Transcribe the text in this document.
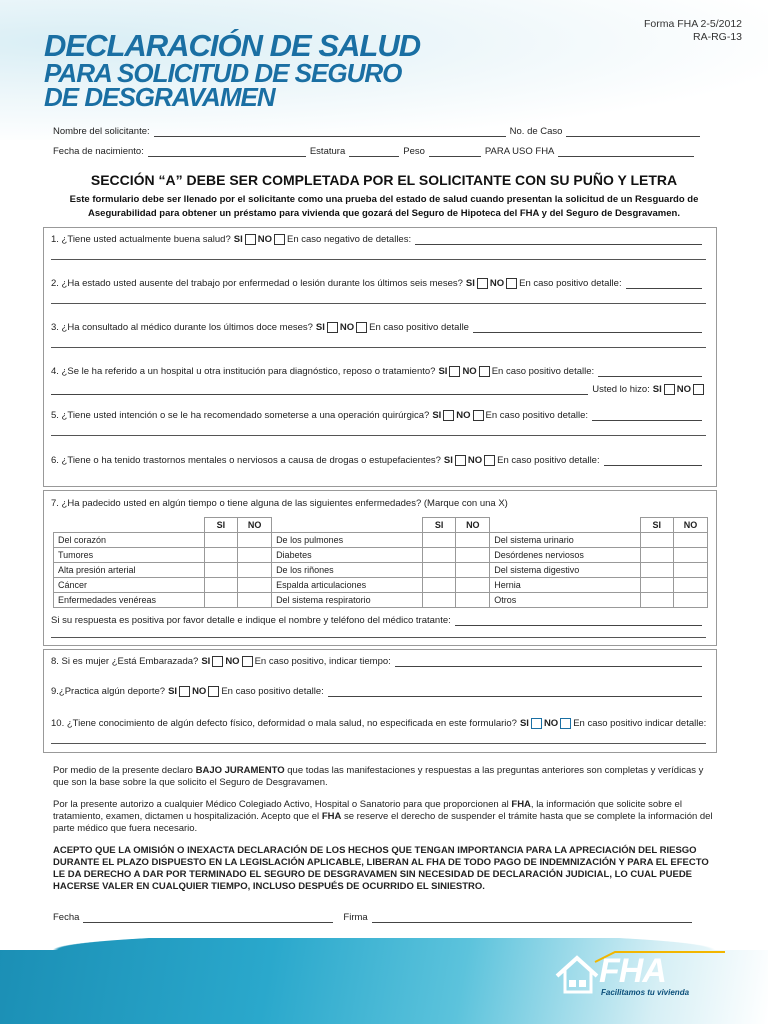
Forma FHA 2-5/2012
RA-RG-13
DECLARACIÓN DE SALUD
PARA SOLICITUD DE SEGURO
DE DESGRAVAMEN
Nombre del solicitante:	No. de Caso
Fecha de nacimiento:	Estatura	Peso	PARA USO FHA
SECCIÓN “A” DEBE SER COMPLETADA POR EL SOLICITANTE CON SU PUÑO Y LETRA
Este formulario debe ser llenado por el solicitante como una prueba del estado de salud cuando presentan la solicitud de un Resguardo de Asegurabilidad para obtener un préstamo para vivienda que gozará del Seguro de Hipoteca del FHA y del Seguro de Desgravamen.
1. ¿Tiene usted actualmente buena salud? SI NO En caso negativo de detalles:
2. ¿Ha estado usted ausente del trabajo por enfermedad o lesión durante los últimos seis meses? SI NO En caso positivo detalle:
3. ¿Ha consultado al médico durante los últimos doce meses? SI NO En caso positivo detalle
4. ¿Se le ha referido a un hospital u otra institución para diagnóstico, reposo o tratamiento? SI NO En caso positivo detalle:
Usted lo hizo: SI NO
5. ¿Tiene usted intención o se le ha recomendado someterse a una operación quirúrgica? SI NO En caso positivo detalle:
6. ¿Tiene o ha tenido trastornos mentales o nerviosos a causa de drogas o estupefacientes? SI NO En caso positivo detalle:
7. ¿Ha padecido usted en algún tiempo o tiene alguna de las siguientes enfermedades? (Marque con una X)
	SI	NO		SI	NO		SI	NO
Del corazón			De los pulmones			Del sistema urinario		
Tumores			Diabetes			Desórdenes nerviosos		
Alta presión arterial			De los riñones			Del sistema digestivo		
Cáncer			Espalda articulaciones			Hernia		
Enfermedades venéreas			Del sistema respiratorio			Otros		
Si su respuesta es positiva por favor detalle e indique el nombre y teléfono del médico tratante:
8. Si es mujer ¿Está Embarazada? SI NO En caso positivo, indicar tiempo:
9.¿Practica algún deporte? SI NO En caso positivo detalle:
10. ¿Tiene conocimiento de algún defecto físico, deformidad o mala salud, no especificada en este formulario? SI NO En caso positivo indicar detalle:
Por medio de la presente declaro BAJO JURAMENTO que todas las manifestaciones y respuestas a las preguntas anteriores son completas y verídicas y que son la base sobre la que solicito el Seguro de Desgravamen.
Por la presente autorizo a cualquier Médico Colegiado Activo, Hospital o Sanatorio para que proporcionen al FHA, la información que solicite sobre el tratamiento, examen, dictamen u hospitalización. Acepto que el FHA se reserve el derecho de suspender el trámite hasta que se complete la información del parte médico que fuera necesario.
ACEPTO QUE LA OMISIÓN O INEXACTA DECLARACIÓN DE LOS HECHOS QUE TENGAN IMPORTANCIA PARA LA APRECIACIÓN DEL RIESGO DURANTE EL PLAZO DISPUESTO EN LA LEGISLACIÓN APLICABLE, LIBERAN AL FHA DE TODO PAGO DE INDEMNIZACIÓN Y PARA EL EFECTO LE DA DERECHO A DAR POR TERMINADO EL SEGURO DE DESGRAVAMEN SIN NECESIDAD DE DECLARACIÓN JUDICIAL, LO CUAL PUEDE HACERSE VALER EN CUALQUIER TIEMPO, INCLUSO DESPUÉS DE OCURRIDO EL SINIESTRO.
Fecha	Firma
FHA
Facilitamos tu vivienda
